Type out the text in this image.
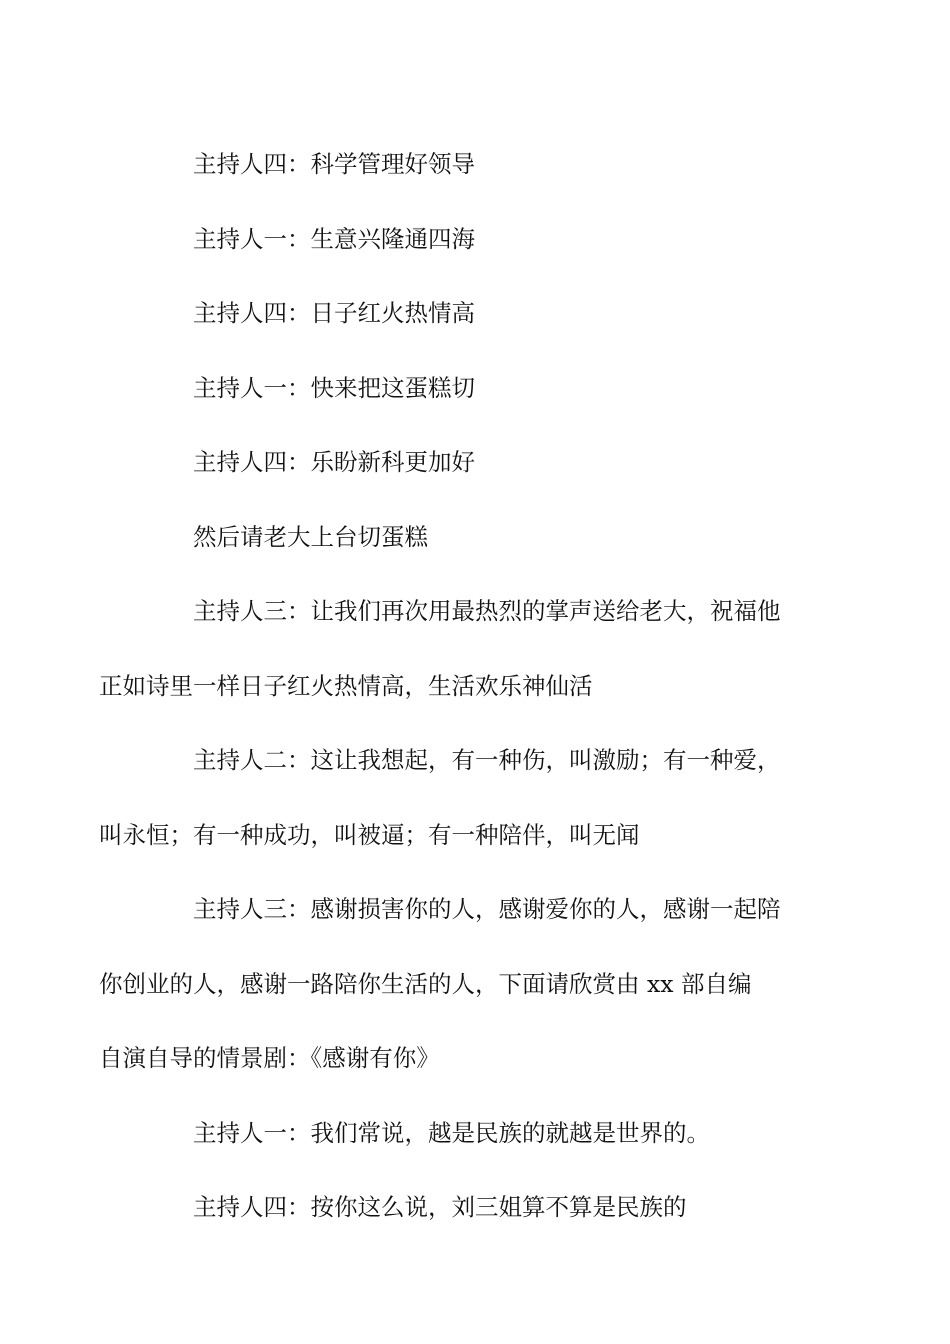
主持人四：科学管理好领导

主持人一：生意兴隆通四海

主持人四：日子红火热情高

主持人一：快来把这蛋糕切

主持人四：乐盼新科更加好

然后请老大上台切蛋糕

主持人三：让我们再次用最热烈的掌声送给老大，祝福他
正如诗里一样日子红火热情高，生活欢乐神仙活

主持人二：这让我想起，有一种伤，叫激励；有一种爱，
叫永恒；有一种成功，叫被逼；有一种陪伴，叫无闻

主持人三：感谢损害你的人，感谢爱你的人，感谢一起陪
你创业的人，感谢一路陪你生活的人，下面请欣赏由 xx 部自编
自演自导的情景剧：《感谢有你》

主持人一：我们常说，越是民族的就越是世界的。

主持人四：按你这么说，刘三姐算不算是民族的
